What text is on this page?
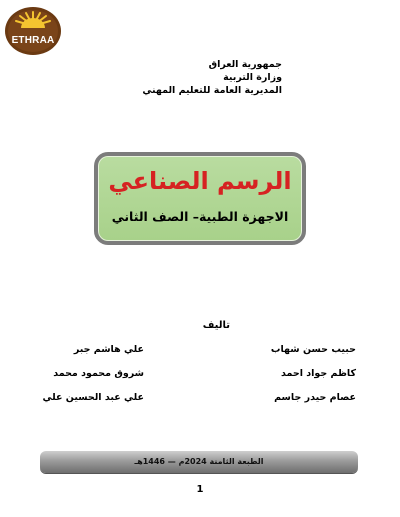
ETHRAA
جمهورية العراق
وزارة التربية
المديرية العامة للتعليم المهني
الرسم الصناعي
الاجهزة الطبية– الصف الثاني
تاليف
حبيب حسن شهاب
كاظم جواد احمد
عصام حيدر جاسم
علي هاشم جبر
شروق محمود محمد
علي عبد الحسين علي
الطبعة الثامنة 2024م — 1446هـ
1
